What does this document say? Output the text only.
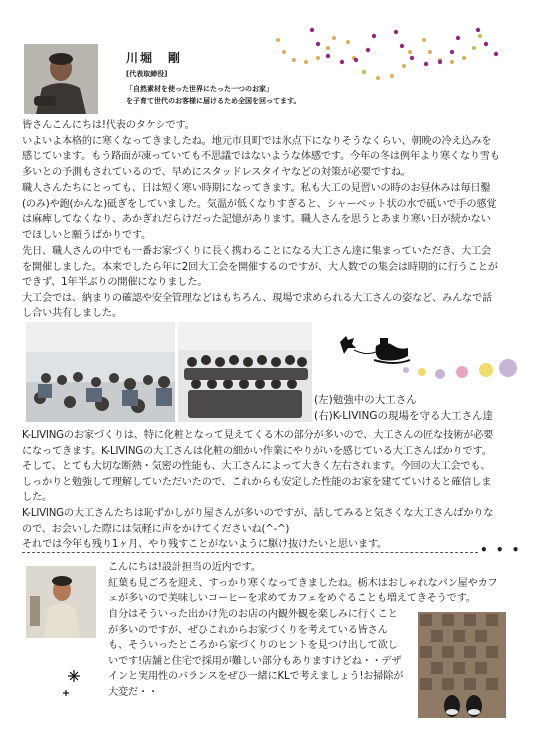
川堀　剛
[代表取締役]
「自然素材を使った世界にたった一つのお家」
を子育て世代のお客様に届けるため全国を回ってます。
皆さんこんにちは!代表のタケシです。
いよいよ本格的に寒くなってきましたね。地元市貝町では氷点下になりそうなくらい、朝晩の冷え込みを感じています。もう路面が凍っていても不思議ではないような体感です。今年の冬は例年より寒くなり雪も多いとの予測もされているので、早めにスタッドレスタイヤなどの対策が必要ですね。
職人さんたちにとっても、日は短く寒い時期になってきます。私も大工の見習いの時のお昼休みは毎日鑿(のみ)や鉋(かんな)砥ぎをしていました。気温が低くなりすぎると、シャーベット状の水で砥いで手の感覚は麻痺してなくなり、あかぎれだらけだった記憶があります。職人さんを思うとあまり寒い日が続かないでほしいと願うばかりです。
先日、職人さんの中でも一番お家づくりに長く携わることになる大工さん達に集まっていただき、大工会を開催しました。本来でしたら年に2回大工会を開催するのですが、大人数での集会は時期的に行うことができず、1年半ぶりの開催になりました。
大工会では、納まりの確認や安全管理などはもちろん、現場で求められる大工さんの姿など、みんなで話し合い共有しました。
(左)勉強中の大工さん
(右)K-LIVINGの現場を守る大工さん達
K-LIVINGのお家づくりは、特に化粧となって見えてくる木の部分が多いので、大工さんの匠な技術が必要になってきます。K-LIVINGの大工さんは化粧の細かい作業にやりがいを感じている大工さんばかりです。そして、とても大切な断熱・気密の性能も、大工さんによって大きく左右されます。今回の大工会でも、しっかりと勉強して理解していただいたので、これからも安定した性能のお家を建てていけると確信しました。
K-LIVINGの大工さんたちは恥ずかしがり屋さんが多いのですが、話してみると気さくな大工さんばかりなので、お会いした際には気軽に声をかけてくださいね(^-^)
それでは今年も残り1ヶ月、やり残すことがないように駆け抜けたいと思います。	• • •
こんにちは!設計担当の近内です。
紅葉も見ごろを迎え、すっかり寒くなってきましたね。栃木はおしゃれなパン屋やカフェが多いので美味しいコーヒーを求めてカフェをめぐることも増えてきそうです。
自分はそういった出かけ先のお店の内観外観を楽しみに行くことが多いのですが、ぜひこれからお家づくりを考えている皆さんも、そういったところから家づくりのヒントを見つけ出して欲しいです!店舗と住宅で採用が難しい部分もありますけどね・・デザインと実用性のバランスをぜひ一緒にKLで考えましょう!お掃除が大変だ・・
